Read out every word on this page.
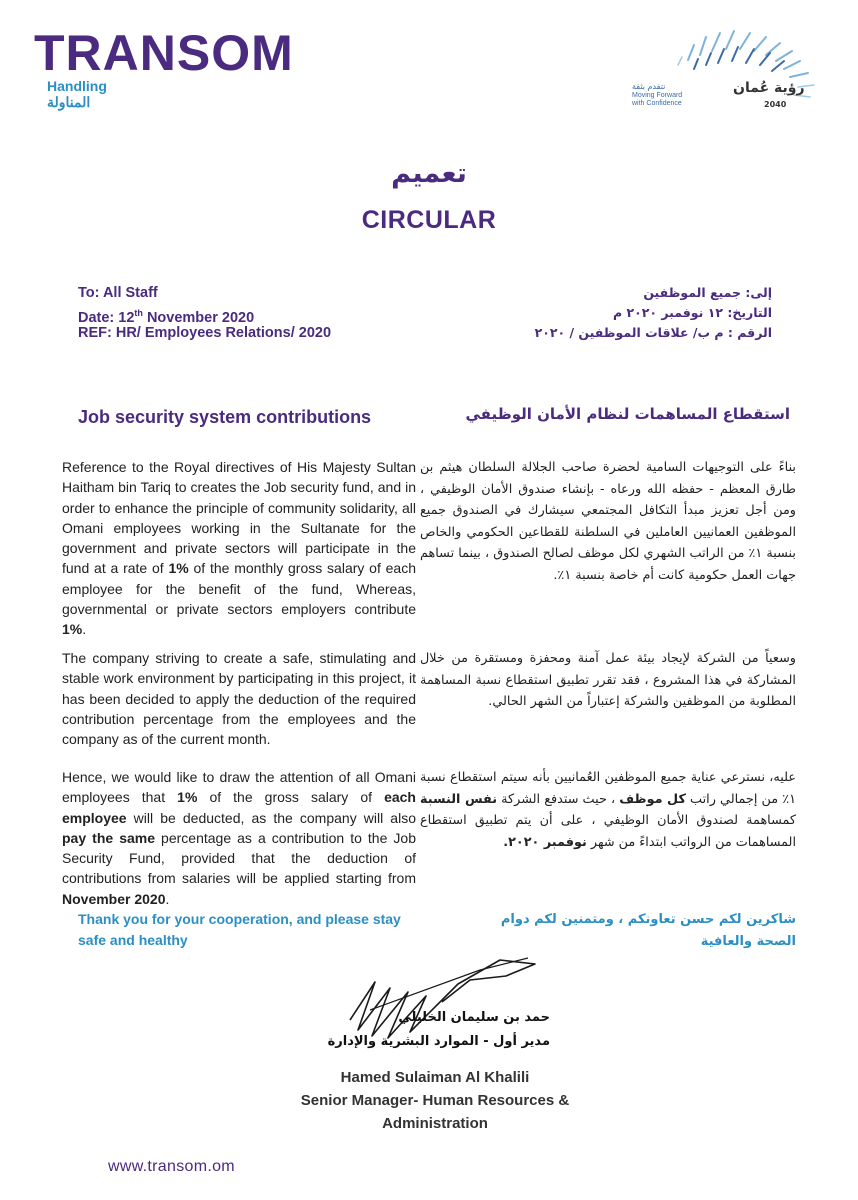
TRANSOM
Handling
المناولة
رؤية عُمان
2040
نتقدم بثقة
Moving Forward
with Confidence
تعميم
CIRCULAR
To: All Staff
Date: 12th November 2020
REF: HR/ Employees Relations/ 2020
إلى: جميع الموظفين
التاريخ: ١٢ نوفمبر ٢٠٢٠ م
الرقم : م ب/ علاقات الموظفين / ٢٠٢٠
Job security system contributions	استقطاع المساهمات لنظام الأمان الوظيفي
Reference to the Royal directives of His Majesty Sultan Haitham bin Tariq to creates the Job security fund, and in order to enhance the principle of community solidarity, all Omani employees working in the Sultanate for the government and private sectors will participate in the fund at a rate of 1% of the monthly gross salary of each employee for the benefit of the fund, Whereas, governmental or private sectors employers contribute 1%.
The company striving to create a safe, stimulating and stable work environment by participating in this project, it has been decided to apply the deduction of the required contribution percentage from the employees and the company as of the current month.
Hence, we would like to draw the attention of all Omani employees that 1% of the gross salary of each employee will be deducted, as the company will also pay the same percentage as a contribution to the Job Security Fund, provided that the deduction of contributions from salaries will be applied starting from November 2020.
بناءً على التوجيهات السامية لحضرة صاحب الجلالة السلطان هيثم بن طارق المعظم - حفظه الله ورعاه - بإنشاء صندوق الأمان الوظيفي ، ومن أجل تعزيز مبدأ التكافل المجتمعي سيشارك في الصندوق جميع الموظفين العمانيين العاملين في السلطنة للقطاعين الحكومي والخاص بنسبة ١٪ من الراتب الشهري لكل موظف لصالح الصندوق ، بينما تساهم جهات العمل حكومية كانت أم خاصة بنسبة ١٪.
وسعياً من الشركة لإيجاد بيئة عمل آمنة ومحفزة ومستقرة من خلال المشاركة في هذا المشروع ، فقد تقرر تطبيق استقطاع نسبة المساهمة المطلوبة من الموظفين والشركة إعتباراً من الشهر الحالي.
عليه، نسترعي عناية جميع الموظفين العُمانيين بأنه سيتم استقطاع نسبة ١٪ من إجمالي راتب كل موظف ، حيث ستدفع الشركة نفس النسبة كمساهمة لصندوق الأمان الوظيفي ، على أن يتم تطبيق استقطاع المساهمات من الرواتب ابتداءً من شهر نوفمبر ٢٠٢٠.
Thank you for your cooperation, and please stay safe and healthy
شاكرين لكم حسن تعاونكم ، ومتمنين لكم دوام الصحة والعافية
حمد بن سليمان الخليلي
مدير أول - الموارد البشرية والإدارة
Hamed Sulaiman Al Khalili
Senior Manager- Human Resources &
Administration
www.transom.om
